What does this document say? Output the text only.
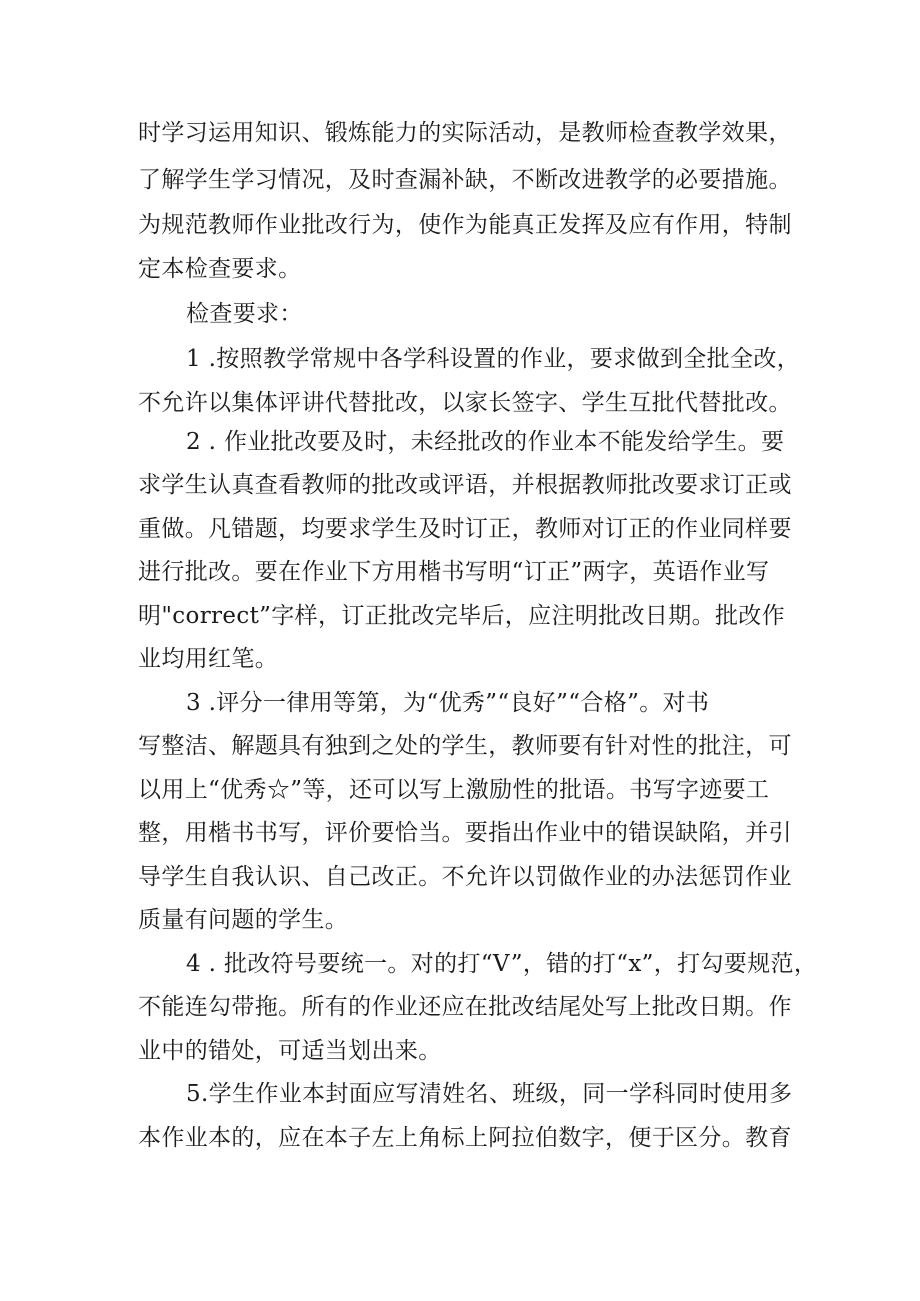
时学习运用知识、锻炼能力的实际活动，是教师检查教学效果，
了解学生学习情况，及时查漏补缺，不断改进教学的必要措施。
为规范教师作业批改行为，使作为能真正发挥及应有作用，特制
定本检查要求。
检查要求：
1 .按照教学常规中各学科设置的作业，要求做到全批全改，
不允许以集体评讲代替批改，以家长签字、学生互批代替批改。
2 . 作业批改要及时，未经批改的作业本不能发给学生。要
求学生认真查看教师的批改或评语，并根据教师批改要求订正或
重做。凡错题，均要求学生及时订正，教师对订正的作业同样要
进行批改。要在作业下方用楷书写明“订正”两字，英语作业写
明"correct”字样，订正批改完毕后，应注明批改日期。批改作
业均用红笔。
3 .评分一律用等第，为“优秀”“良好”“合格”。对书
写整洁、解题具有独到之处的学生，教师要有针对性的批注，可
以用上“优秀☆”等，还可以写上激励性的批语。书写字迹要工
整，用楷书书写，评价要恰当。要指出作业中的错误缺陷，并引
导学生自我认识、自己改正。不允许以罚做作业的办法惩罚作业
质量有问题的学生。
4 . 批改符号要统一。对的打“V”，错的打“x”，打勾要规范，
不能连勾带拖。所有的作业还应在批改结尾处写上批改日期。作
业中的错处，可适当划出来。
5.学生作业本封面应写清姓名、班级，同一学科同时使用多
本作业本的，应在本子左上角标上阿拉伯数字，便于区分。教育
